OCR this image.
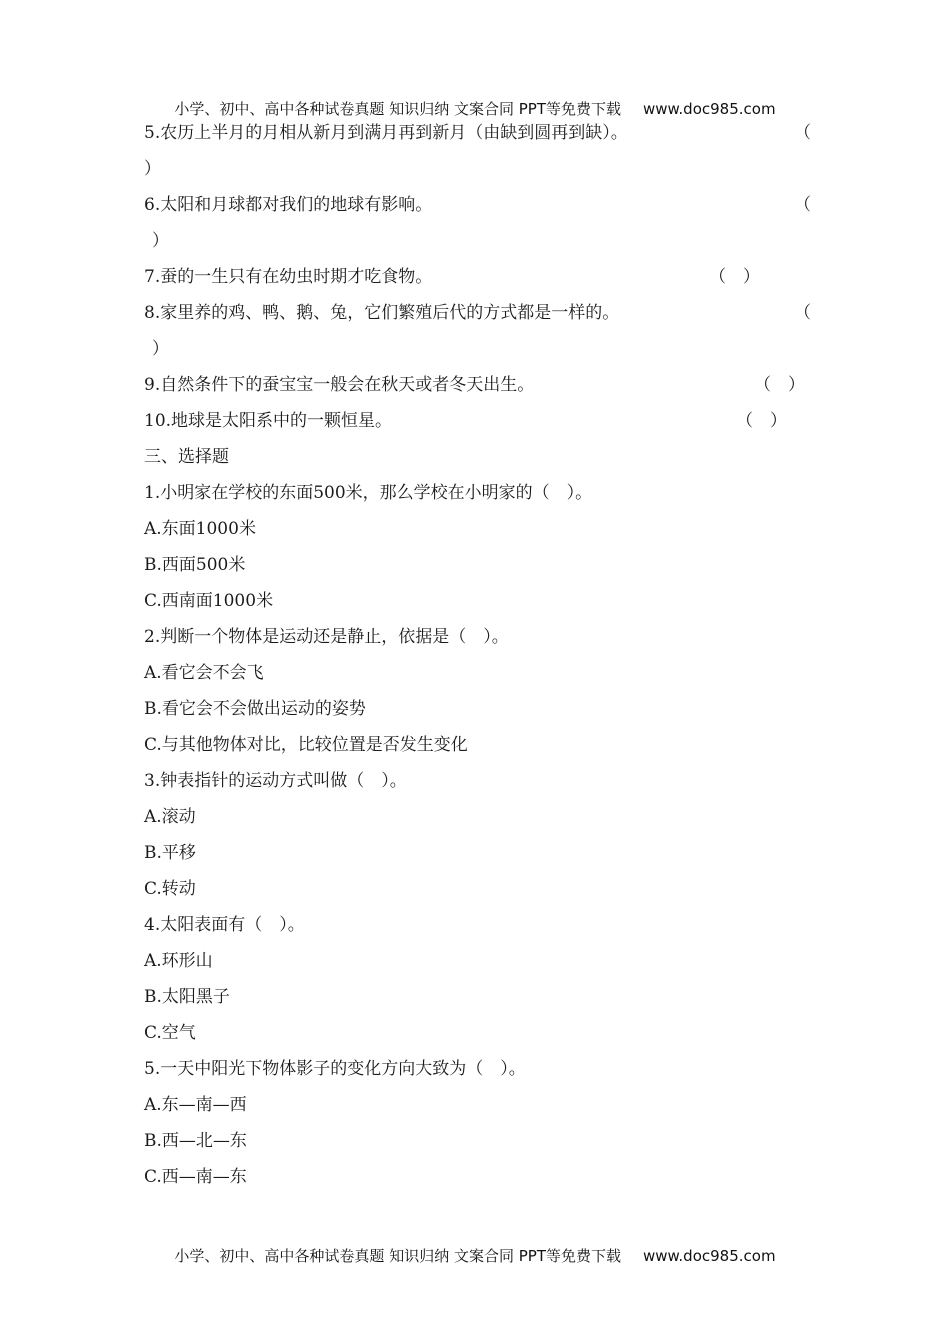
小学、初中、高中各种试卷真题 知识归纳 文案合同 PPT等免费下载 www.doc985.com
5.农历上半月的月相从新月到满月再到新月（由缺到圆再到缺）。	（
）
6.太阳和月球都对我们的地球有影响。	（
）
7.蚕的一生只有在幼虫时期才吃食物。	（　）
8.家里养的鸡、鸭、鹅、兔，它们繁殖后代的方式都是一样的。	（
）
9.自然条件下的蚕宝宝一般会在秋天或者冬天出生。	（　）
10.地球是太阳系中的一颗恒星。	（　）
三、选择题
1.小明家在学校的东面500米，那么学校在小明家的（　）。
A.东面1000米
B.西面500米
C.西南面1000米
2.判断一个物体是运动还是静止，依据是（　）。
A.看它会不会飞
B.看它会不会做出运动的姿势
C.与其他物体对比，比较位置是否发生变化
3.钟表指针的运动方式叫做（　）。
A.滚动
B.平移
C.转动
4.太阳表面有（　）。
A.环形山
B.太阳黑子
C.空气
5.一天中阳光下物体影子的变化方向大致为（　）。
A.东—南—西
B.西—北—东
C.西—南—东
小学、初中、高中各种试卷真题 知识归纳 文案合同 PPT等免费下载 www.doc985.com
